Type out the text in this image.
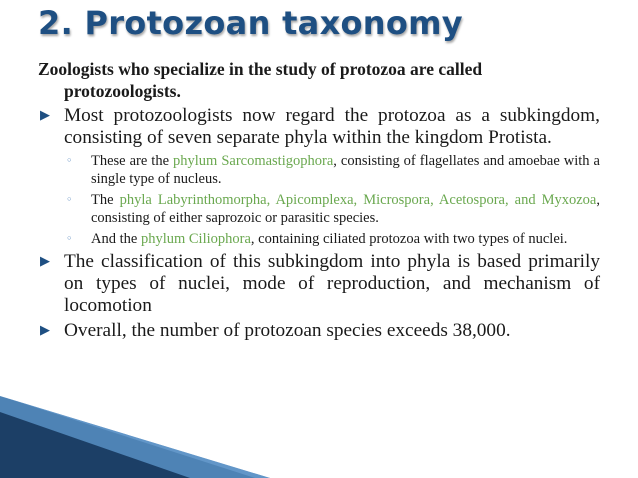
2. Protozoan taxonomy
Zoologists who specialize in the study of protozoa are called
protozoologists.
▶ Most protozoologists now regard the protozoa as a subkingdom, consisting of seven separate phyla within the kingdom Protista.
◦ These are the phylum Sarcomastigophora, consisting of flagellates and amoebae with a single type of nucleus.
◦ The phyla Labyrinthomorpha, Apicomplexa, Microspora, Acetospora, and Myxozoa, consisting of either saprozoic or parasitic species.
◦ And the phylum Ciliophora, containing ciliated protozoa with two types of nuclei.
▶ The classification of this subkingdom into phyla is based primarily on types of nuclei, mode of reproduction, and mechanism of locomotion
▶ Overall, the number of protozoan species exceeds 38,000.
